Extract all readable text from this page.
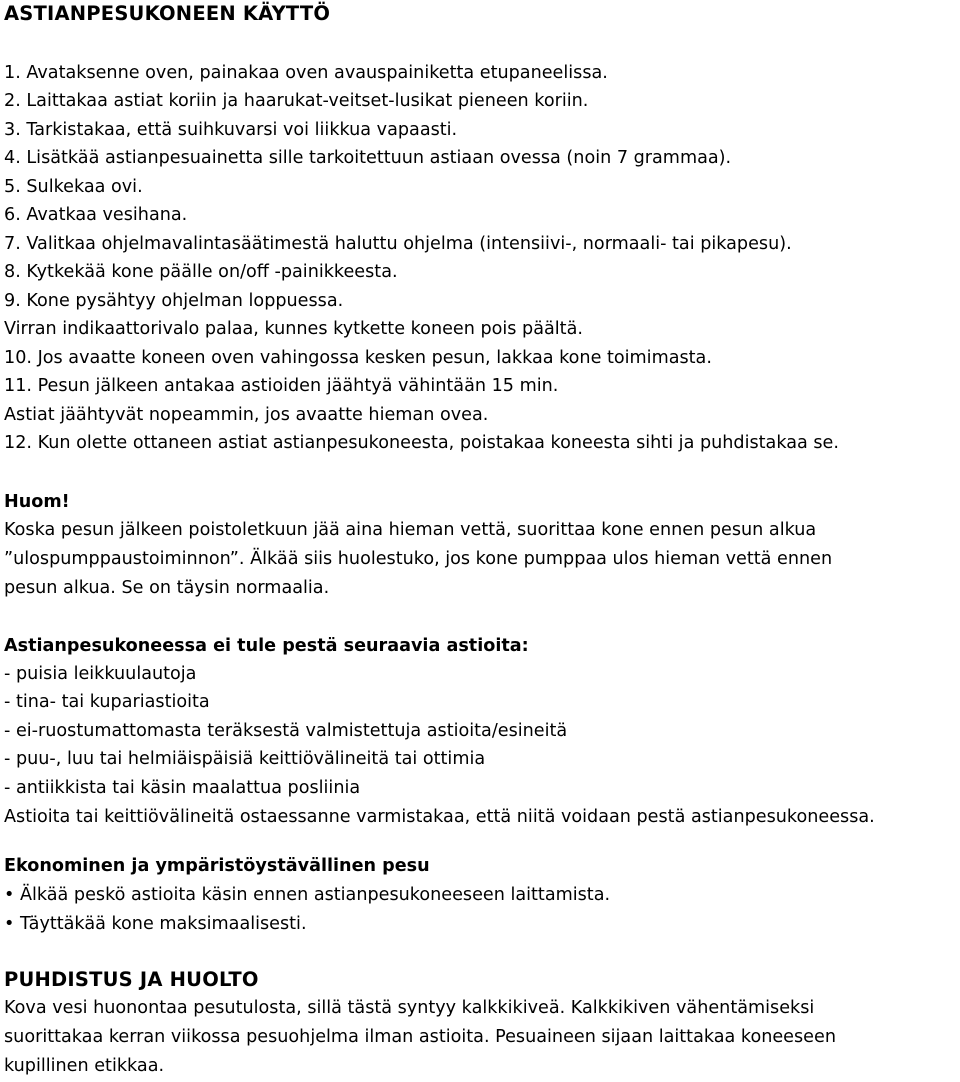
ASTIANPESUKONEEN KÄYTTÖ

1. Avataksenne oven, painakaa oven avauspainiketta etupaneelissa.

2. Laittakaa astiat koriin ja haarukat-veitset-lusikat pieneen koriin.

3. Tarkistakaa, että suihkuvarsi voi liikkua vapaasti.

4. Lisätkää astianpesuainetta sille tarkoitettuun astiaan ovessa (noin 7 grammaa).

5. Sulkekaa ovi.

6. Avatkaa vesihana.

7. Valitkaa ohjelmavalintasäätimestä haluttu ohjelma (intensiivi-, normaali- tai pikapesu).

8. Kytkekää kone päälle on/off -painikkeesta.

9. Kone pysähtyy ohjelman loppuessa.

Virran indikaattorivalo palaa, kunnes kytkette koneen pois päältä.

10. Jos avaatte koneen oven vahingossa kesken pesun, lakkaa kone toimimasta.

11. Pesun jälkeen antakaa astioiden jäähtyä vähintään 15 min.

Astiat jäähtyvät nopeammin, jos avaatte hieman ovea.

12. Kun olette ottaneen astiat astianpesukoneesta, poistakaa koneesta sihti ja puhdistakaa se.

Huom!

Koska pesun jälkeen poistoletkuun jää aina hieman vettä, suorittaa kone ennen pesun alkua

”ulospumppaustoiminnon”. Älkää siis huolestuko, jos kone pumppaa ulos hieman vettä ennen

pesun alkua. Se on täysin normaalia.

Astianpesukoneessa ei tule pestä seuraavia astioita:

- puisia leikkuulautoja

- tina- tai kupariastioita

- ei-ruostumattomasta teräksestä valmistettuja astioita/esineitä

- puu-, luu tai helmiäispäisiä keittiövälineitä tai ottimia

- antiikkista tai käsin maalattua posliinia

Astioita tai keittiövälineitä ostaessanne varmistakaa, että niitä voidaan pestä astianpesukoneessa.

Ekonominen ja ympäristöystävällinen pesu

• Älkää peskö astioita käsin ennen astianpesukoneeseen laittamista.

• Täyttäkää kone maksimaalisesti.

PUHDISTUS JA HUOLTO

Kova vesi huonontaa pesutulosta, sillä tästä syntyy kalkkikiveä. Kalkkikiven vähentämiseksi

suorittakaa kerran viikossa pesuohjelma ilman astioita. Pesuaineen sijaan laittakaa koneeseen

kupillinen etikkaa.
